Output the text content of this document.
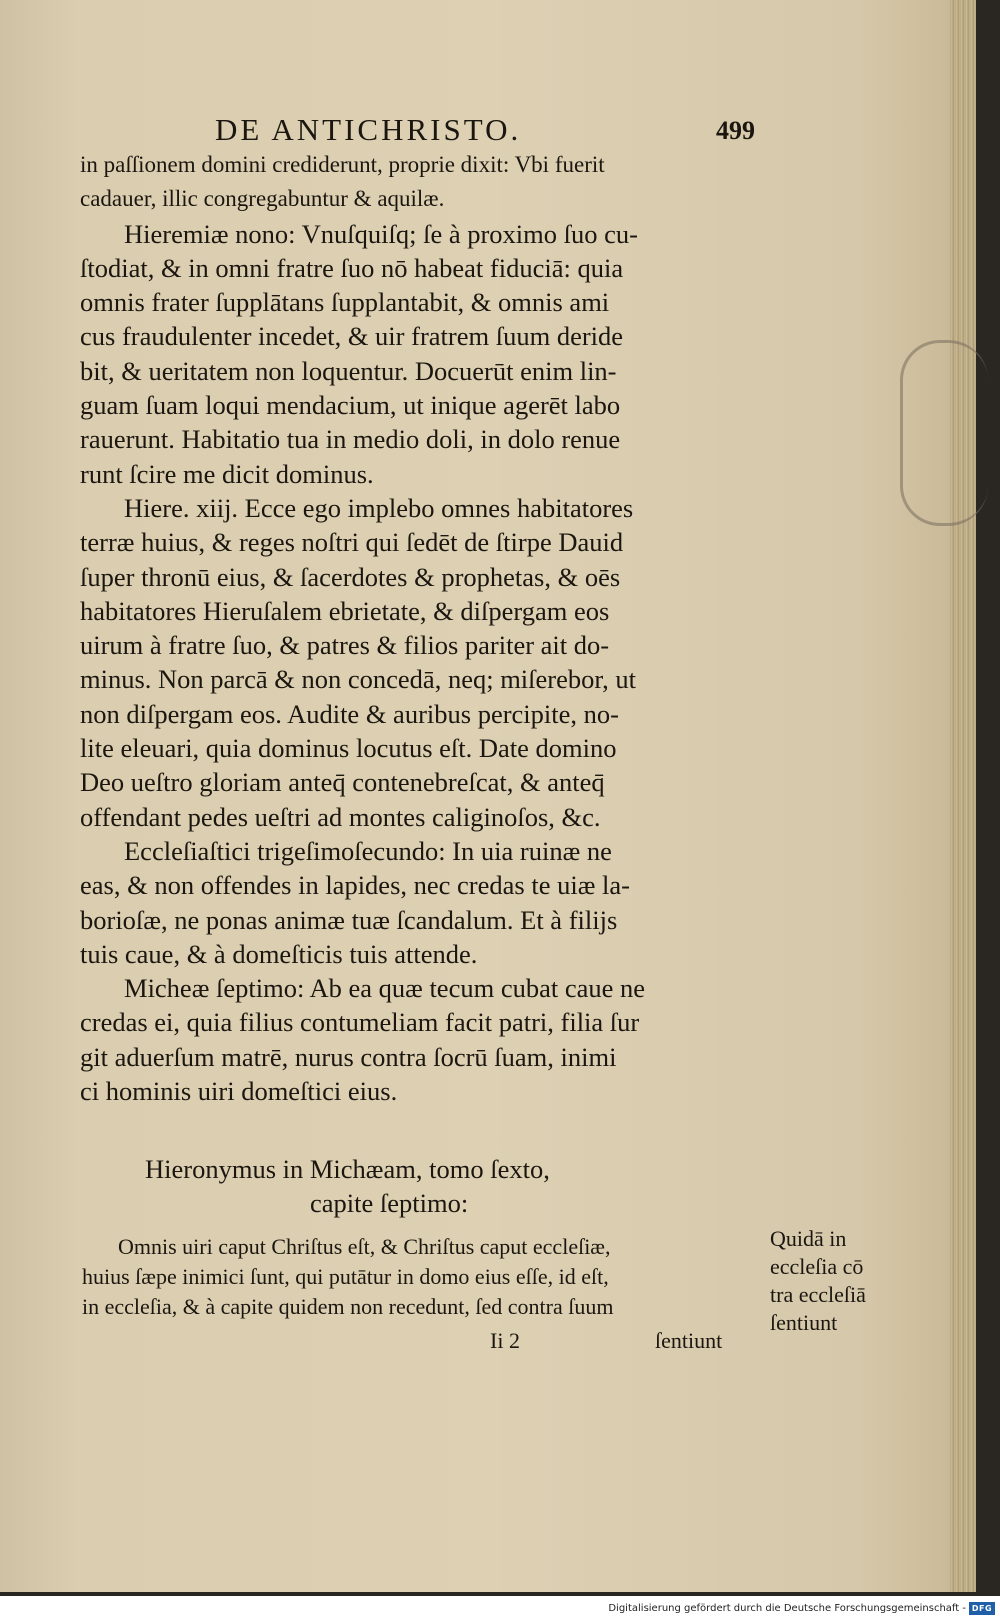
DE ANTICHRISTO.	499
in paſſionem domini crediderunt, proprie dixit: Vbi fuerit
cadauer, illic congregabuntur & aquilæ.
Hieremiæ nono: Vnuſquiſq; ſe à proximo ſuo cu-
ſtodiat, & in omni fratre ſuo nō habeat fiduciā: quia
omnis frater ſupplātans ſupplantabit, & omnis ami
cus fraudulenter incedet, & uir fratrem ſuum deride
bit, & ueritatem non loquentur. Docuerūt enim lin-
guam ſuam loqui mendacium, ut inique agerēt labo
rauerunt. Habitatio tua in medio doli, in dolo renue
runt ſcire me dicit dominus.
Hiere. xiij. Ecce ego implebo omnes habitatores
terræ huius, & reges noſtri qui ſedēt de ſtirpe Dauid
ſuper thronū eius, & ſacerdotes & prophetas, & oēs
habitatores Hieruſalem ebrietate, & diſpergam eos
uirum à fratre ſuo, & patres & filios pariter ait do-
minus. Non parcā & non concedā, neq; miſerebor, ut
non diſpergam eos. Audite & auribus percipite, no-
lite eleuari, quia dominus locutus eſt. Date domino
Deo ueſtro gloriam anteq̄ contenebreſcat, & anteq̄
offendant pedes ueſtri ad montes caliginoſos, &c.
Eccleſiaſtici trigeſimoſecundo: In uia ruinæ ne
eas, & non offendes in lapides, nec credas te uiæ la-
borioſæ, ne ponas animæ tuæ ſcandalum. Et à filijs
tuis caue, & à domeſticis tuis attende.
Micheæ ſeptimo: Ab ea quæ tecum cubat caue ne
credas ei, quia filius contumeliam facit patri, filia ſur
git aduerſum matrē, nurus contra ſocrū ſuam, inimi
ci hominis uiri domeſtici eius.
Hieronymus in Michæam, tomo ſexto,
capite ſeptimo:
Omnis uiri caput Chriſtus eſt, & Chriſtus caput eccleſiæ,
huius ſæpe inimici ſunt, qui putātur in domo eius eſſe, id eſt,
in eccleſia, & à capite quidem non recedunt, ſed contra ſuum
Ii 2	ſentiunt
Quidā in
eccleſia cō
tra eccleſiā
ſentiunt
Digitalisierung gefördert durch die Deutsche Forschungsgemeinschaft - DFG
